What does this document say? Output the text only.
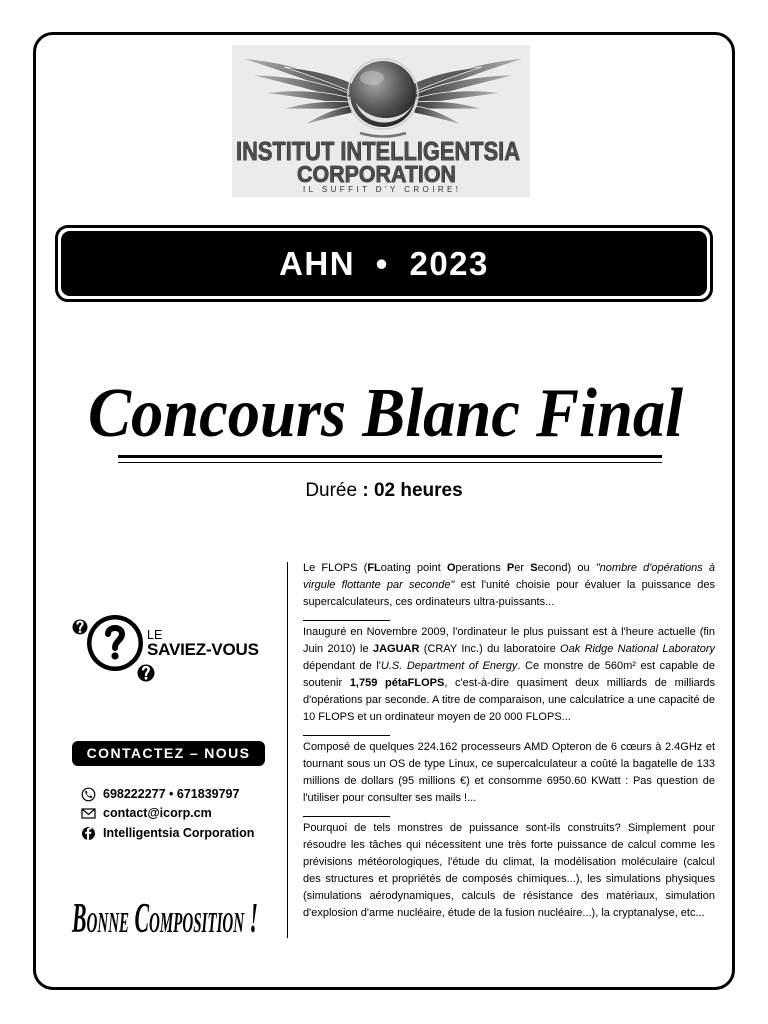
INSTITUT INTELLIGENTSIA
CORPORATION
IL SUFFIT D'Y CROIRE!
AHN • 2023
Concours Blanc Final
Durée : 02 heures
LE
SAVIEZ-VOUS
CONTACTEZ – NOUS
698222277 • 671839797
contact@icorp.cm
Intelligentsia Corporation
Bonne Composition !

Le FLOPS (FLoating point Operations Per Second) ou "nombre d'opérations à virgule flottante par seconde" est l'unité choisie pour évaluer la puissance des supercalculateurs, ces ordinateurs ultra-puissants...

Inauguré en Novembre 2009, l'ordinateur le plus puissant est à l'heure actuelle (fin Juin 2010) le JAGUAR (CRAY Inc.) du laboratoire Oak Ridge National Laboratory dépendant de l'U.S. Department of Energy. Ce monstre de 560m² est capable de soutenir 1,759 pétaFLOPS, c'est-à-dire quasiment deux milliards de milliards d'opérations par seconde. A titre de comparaison, une calculatrice a une capacité de 10 FLOPS et un ordinateur moyen de 20 000 FLOPS...

Composé de quelques 224.162 processeurs AMD Opteron de 6 cœurs à 2.4GHz et tournant sous un OS de type Linux, ce supercalculateur a coûté la bagatelle de 133 millions de dollars (95 millions €) et consomme 6950.60 KWatt : Pas question de l'utiliser pour consulter ses mails !...

Pourquoi de tels monstres de puissance sont-ils construits? Simplement pour résoudre les tâches qui nécessitent une très forte puissance de calcul comme les prévisions météorologiques, l'étude du climat, la modélisation moléculaire (calcul des structures et propriétés de composés chimiques...), les simulations physiques (simulations aérodynamiques, calculs de résistance des matériaux, simulation d'explosion d'arme nucléaire, étude de la fusion nucléaire...), la cryptanalyse, etc...
